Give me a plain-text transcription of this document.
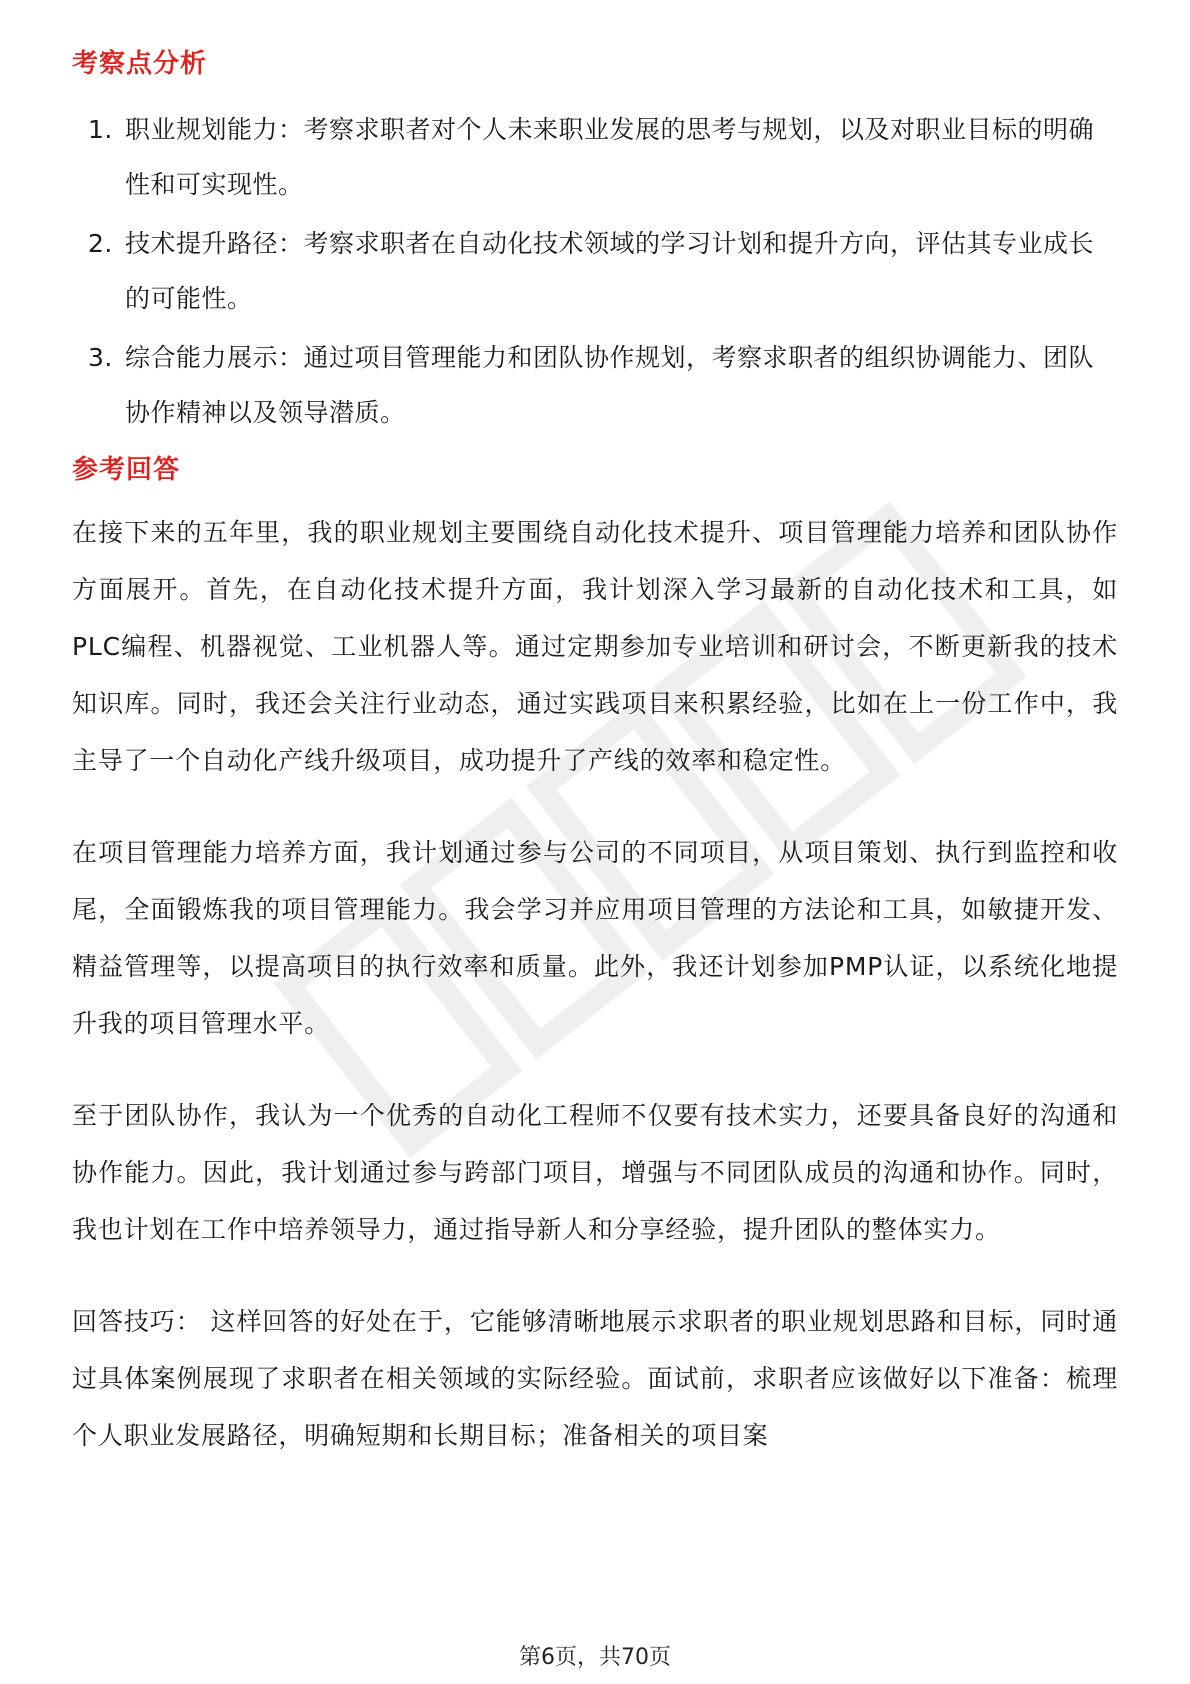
考察点分析
1. 职业规划能力：考察求职者对个人未来职业发展的思考与规划，以及对职业目标的明确性和可实现性。
2. 技术提升路径：考察求职者在自动化技术领域的学习计划和提升方向，评估其专业成长的可能性。
3. 综合能力展示：通过项目管理能力和团队协作规划，考察求职者的组织协调能力、团队协作精神以及领导潜质。
参考回答

在接下来的五年里，我的职业规划主要围绕自动化技术提升、项目管理能力培养和团队协作方面展开。首先，在自动化技术提升方面，我计划深入学习最新的自动化技术和工具，如PLC编程、机器视觉、工业机器人等。通过定期参加专业培训和研讨会，不断更新我的技术知识库。同时，我还会关注行业动态，通过实践项目来积累经验，比如在上一份工作中，我主导了一个自动化产线升级项目，成功提升了产线的效率和稳定性。

在项目管理能力培养方面，我计划通过参与公司的不同项目，从项目策划、执行到监控和收尾，全面锻炼我的项目管理能力。我会学习并应用项目管理的方法论和工具，如敏捷开发、精益管理等，以提高项目的执行效率和质量。此外，我还计划参加PMP认证，以系统化地提升我的项目管理水平。

至于团队协作，我认为一个优秀的自动化工程师不仅要有技术实力，还要具备良好的沟通和协作能力。因此，我计划通过参与跨部门项目，增强与不同团队成员的沟通和协作。同时，我也计划在工作中培养领导力，通过指导新人和分享经验，提升团队的整体实力。

回答技巧： 这样回答的好处在于，它能够清晰地展示求职者的职业规划思路和目标，同时通过具体案例展现了求职者在相关领域的实际经验。面试前，求职者应该做好以下准备：梳理个人职业发展路径，明确短期和长期目标；准备相关的项目案

第6页，共70页
